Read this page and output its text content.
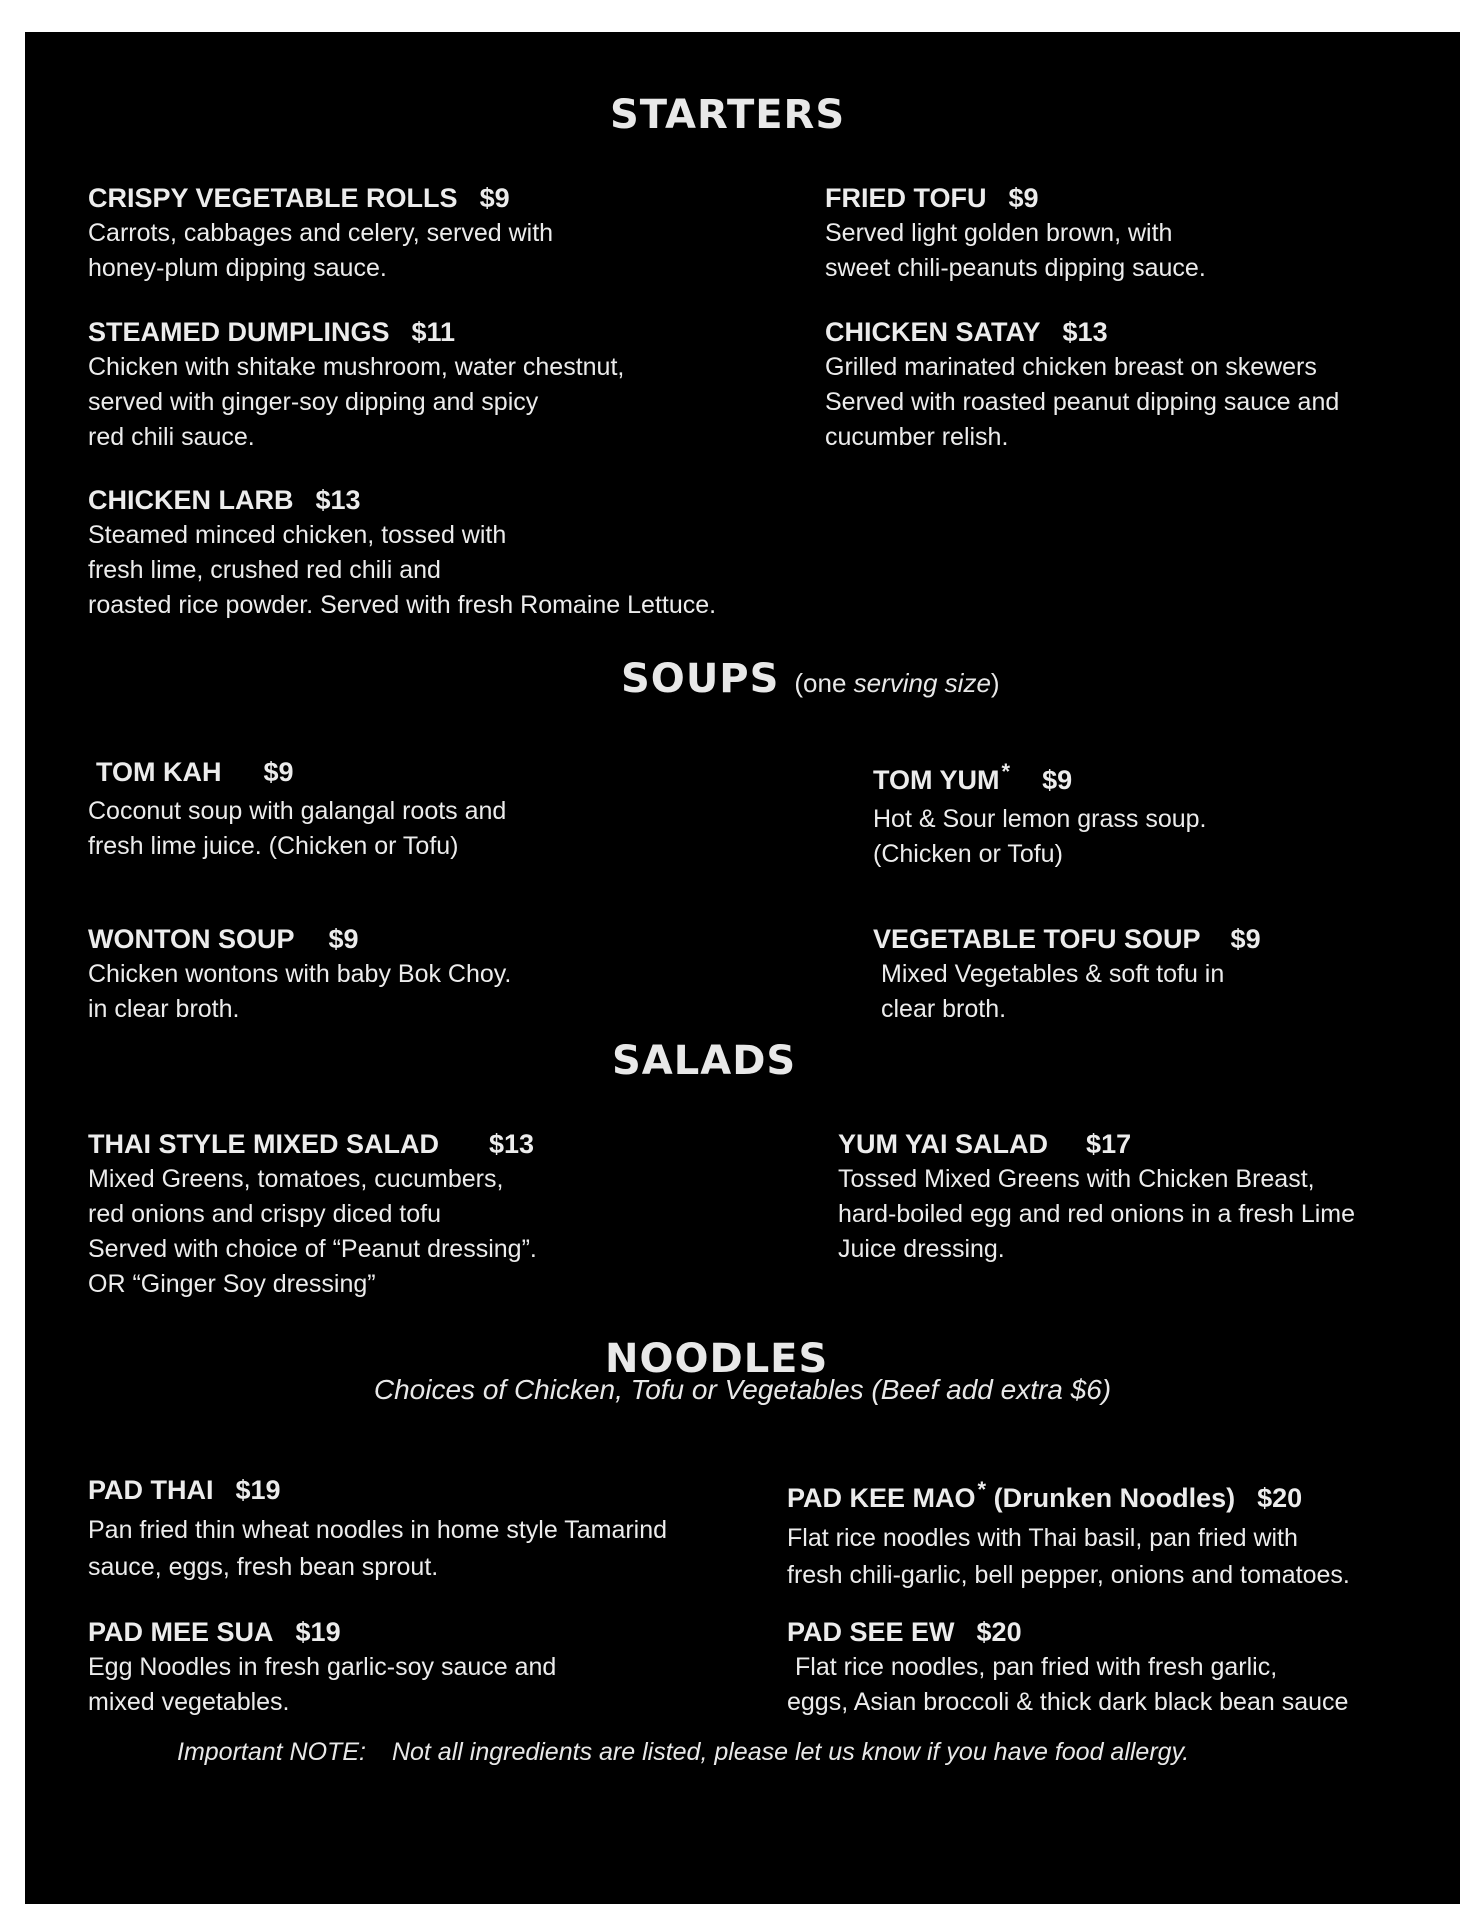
STARTERS
CRISPY VEGETABLE ROLLS $9
Carrots, cabbages and celery, served with
honey-plum dipping sauce.
FRIED TOFU $9
Served light golden brown, with
sweet chili-peanuts dipping sauce.
STEAMED DUMPLINGS $11
Chicken with shitake mushroom, water chestnut,
served with ginger-soy dipping and spicy
red chili sauce.
CHICKEN SATAY $13
Grilled marinated chicken breast on skewers
Served with roasted peanut dipping sauce and
cucumber relish.
CHICKEN LARB $13
Steamed minced chicken, tossed with
fresh lime, crushed red chili and
roasted rice powder. Served with fresh Romaine Lettuce.
SOUPS (one serving size)
TOM KAH $9
Coconut soup with galangal roots and
fresh lime juice. (Chicken or Tofu)
TOM YUM* $9
Hot & Sour lemon grass soup.
(Chicken or Tofu)
WONTON SOUP $9
Chicken wontons with baby Bok Choy.
in clear broth.
VEGETABLE TOFU SOUP $9
Mixed Vegetables & soft tofu in
clear broth.
SALADS
THAI STYLE MIXED SALAD $13
Mixed Greens, tomatoes, cucumbers,
red onions and crispy diced tofu
Served with choice of “Peanut dressing”.
OR “Ginger Soy dressing”
YUM YAI SALAD $17
Tossed Mixed Greens with Chicken Breast,
hard-boiled egg and red onions in a fresh Lime
Juice dressing.
NOODLES

Choices of Chicken, Tofu or Vegetables (Beef add extra $6)

PAD THAI $19
Pan fried thin wheat noodles in home style Tamarind
sauce, eggs, fresh bean sprout.
PAD KEE MAO* (Drunken Noodles) $20
Flat rice noodles with Thai basil, pan fried with
fresh chili-garlic, bell pepper, onions and tomatoes.
PAD MEE SUA $19
Egg Noodles in fresh garlic-soy sauce and
mixed vegetables.
PAD SEE EW $20
Flat rice noodles, pan fried with fresh garlic,
eggs, Asian broccoli & thick dark black bean sauce

Important NOTE: Not all ingredients are listed, please let us know if you have food allergy.
